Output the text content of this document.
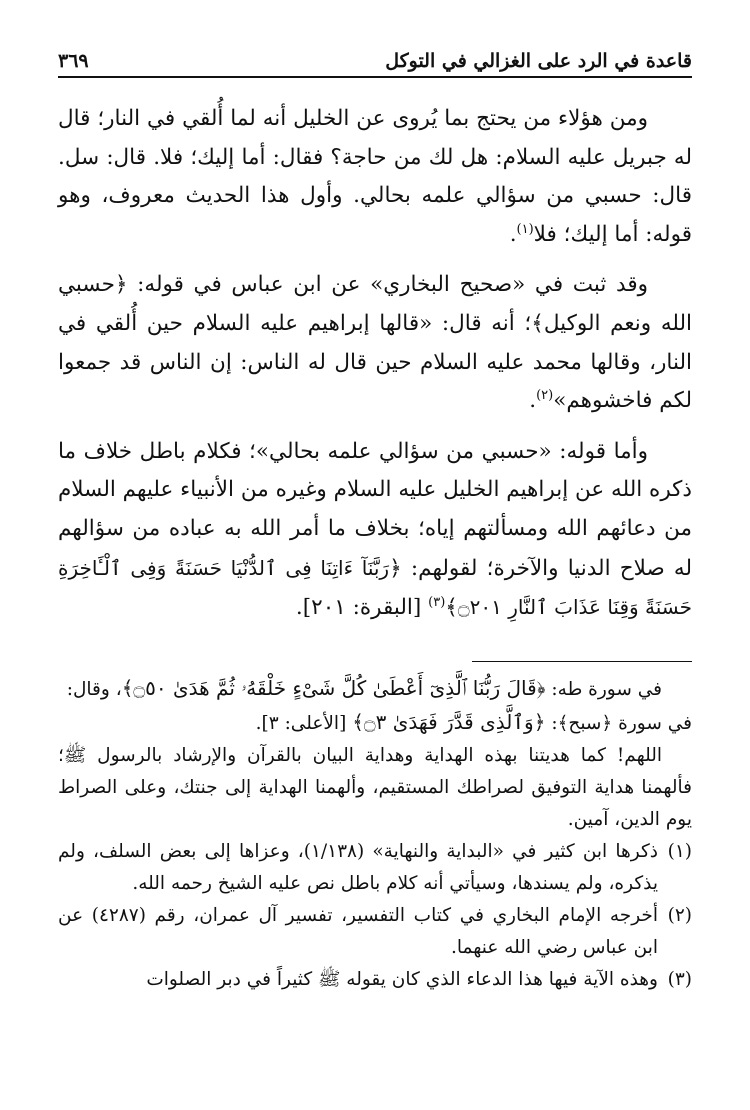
قاعدة في الرد على الغزالي في التوكل
٣٦٩

ومن هؤلاء من يحتج بما يُروى عن الخليل أنه لما أُلقي في النار؛ قال له جبريل عليه السلام: هل لك من حاجة؟ فقال: أما إليك؛ فلا. قال: سل. قال: حسبي من سؤالي علمه بحالي. وأول هذا الحديث معروف، وهو قوله: أما إليك؛ فلا$^{(١)}$.

وقد ثبت في «صحيح البخاري» عن ابن عباس في قوله: ﴿حسبي الله ونعم الوكيل﴾؛ أنه قال: «قالها إبراهيم عليه السلام حين أُلقي في النار، وقالها محمد عليه السلام حين قال له الناس: إن الناس قد جمعوا لكم فاخشوهم»$^{(٢)}$.

وأما قوله: «حسبي من سؤالي علمه بحالي»؛ فكلام باطل خلاف ما ذكره الله عن إبراهيم الخليل عليه السلام وغيره من الأنبياء عليهم السلام من دعائهم الله ومسألتهم إياه؛ بخلاف ما أمر الله به عباده من سؤالهم له صلاح الدنيا والآخرة؛ لقولهم: ﴿رَبَّنَآ ءَاتِنَا فِى ٱلدُّنْيَا حَسَنَةً وَفِى ٱلْـَٔاخِرَةِ حَسَنَةً وَقِنَا عَذَابَ ٱلنَّارِ ۝٢٠١﴾$^{(٣)}$ [البقرة: ٢٠١].

في سورة طه: ﴿قَالَ رَبُّنَا ٱلَّذِىٓ أَعْطَىٰ كُلَّ شَىْءٍ خَلْقَهُۥ ثُمَّ هَدَىٰ ۝٥٠﴾، وقال:

في سورة ﴿سبح﴾: ﴿وَٱلَّذِى قَدَّرَ فَهَدَىٰ ۝٣﴾ [الأعلى: ٣].

اللهم! كما هديتنا بهذه الهداية وهداية البيان بالقرآن والإرشاد بالرسول ﷺ؛ فألهمنا هداية التوفيق لصراطك المستقيم، وألهمنا الهداية إلى جنتك، وعلى الصراط يوم الدين، آمين.

(١)
ذكرها ابن كثير في «البداية والنهاية» (١/١٣٨)، وعزاها إلى بعض السلف، ولم يذكره، ولم يسندها، وسيأتي أنه كلام باطل نص عليه الشيخ رحمه الله.
(٢)
أخرجه الإمام البخاري في كتاب التفسير، تفسير آل عمران، رقم (٤٢٨٧) عن ابن عباس رضي الله عنهما.
(٣)
وهذه الآية فيها هذا الدعاء الذي كان يقوله ﷺ كثيراً في دبر الصلوات
